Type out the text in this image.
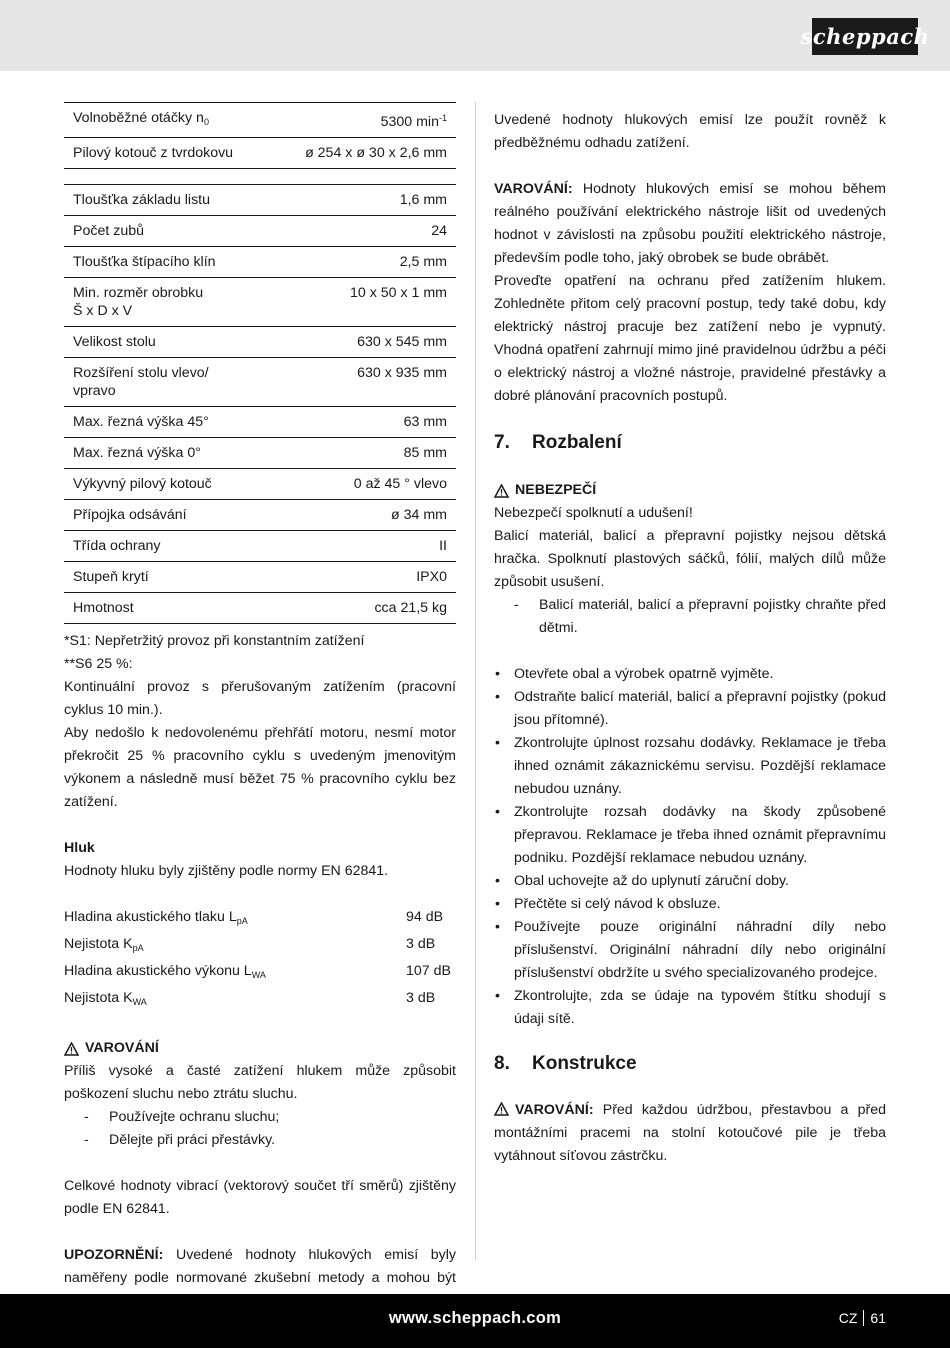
scheppach
Volnoběžné otáčky $n_0$	5300 $\min^{-1}$
Pilový kotouč z tvrdokovu	ø 254 x ø 30 x 2,6 mm

Tloušťka základu listu	1,6 mm
Počet zubů	24
Tloušťka štípacího klín	2,5 mm
Min. rozměr obrobku
Š x D x V	10 x 50 x 1 mm
Velikost stolu	630 x 545 mm
Rozšíření stolu vlevo/
vpravo	630 x 935 mm
Max. řezná výška 45°	63 mm
Max. řezná výška 0°	85 mm
Výkyvný pilový kotouč	0 až 45 ° vlevo
Přípojka odsávání	ø 34 mm
Třída ochrany	II
Stupeň krytí	IPX0
Hmotnost	cca 21,5 kg

*S1: Nepřetržitý provoz při konstantním zatížení

**S6 25 %:

Kontinuální provoz s přerušovaným zatížením (pracovní cyklus 10 min.).

Aby nedošlo k nedovolenému přehřátí motoru, nesmí motor překročit 25 % pracovního cyklu s uvedeným jmenovitým výkonem a následně musí běžet 75 % pracovního cyklu bez zatížení.

Hluk

Hodnoty hluku byly zjištěny podle normy EN 62841.

Hladina akustického tlaku $L_{pA}$	94 dB
Nejistota $K_{pA}$	3 dB
Hladina akustického výkonu $L_{WA}$	107 dB
Nejistota $K_{WA}$	3 dB
VAROVÁNÍ

Příliš vysoké a časté zatížení hlukem může způsobit poškození sluchu nebo ztrátu sluchu.

- Používejte ochranu sluchu;
- Dělejte při práci přestávky.

Celkové hodnoty vibrací (vektorový součet tří směrů) zjištěny podle EN 62841.

UPOZORNĚNÍ: Uvedené hodnoty hlukových emisí byly naměřeny podle normované zkušební metody a mohou být

Uvedené hodnoty hlukových emisí lze použít rovněž k předběžnému odhadu zatížení.

VAROVÁNÍ: Hodnoty hlukových emisí se mohou během reálného používání elektrického nástroje lišit od uvedených hodnot v závislosti na způsobu použití elektrického nástroje, především podle toho, jaký obrobek se bude obrábět.

Proveďte opatření na ochranu před zatížením hlukem. Zohledněte přitom celý pracovní postup, tedy také dobu, kdy elektrický nástroj pracuje bez zatížení nebo je vypnutý. Vhodná opatření zahrnují mimo jiné pravidelnou údržbu a péči o elektrický nástroj a vložné nástroje, pravidelné přestávky a dobré plánování pracovních postupů.

7.	Rozbalení
NEBEZPEČÍ

Nebezpečí spolknutí a udušení!

Balicí materiál, balicí a přepravní pojistky nejsou dětská hračka. Spolknutí plastových sáčků, fólií, malých dílů může způsobit usušení.

- Balicí materiál, balicí a přepravní pojistky chraňte před dětmi.
• Otevřete obal a výrobek opatrně vyjměte.
• Odstraňte balicí materiál, balicí a přepravní pojistky (pokud jsou přítomné).
• Zkontrolujte úplnost rozsahu dodávky. Reklamace je třeba ihned oznámit zákaznickému servisu. Pozdější reklamace nebudou uznány.
• Zkontrolujte rozsah dodávky na škody způsobené přepravou. Reklamace je třeba ihned oznámit přepravnímu podniku. Pozdější reklamace nebudou uznány.
• Obal uchovejte až do uplynutí záruční doby.
• Přečtěte si celý návod k obsluze.
• Používejte pouze originální náhradní díly nebo příslušenství. Originální náhradní díly nebo originální příslušenství obdržíte u svého specializovaného prodejce.
• Zkontrolujte, zda se údaje na typovém štítku shodují s údaji sítě.
8.	Konstrukce

VAROVÁNÍ: Před každou údržbou, přestavbou a před montážními pracemi na stolní kotoučové pile je třeba vytáhnout síťovou zástrčku.

www.scheppach.com	CZ 61
